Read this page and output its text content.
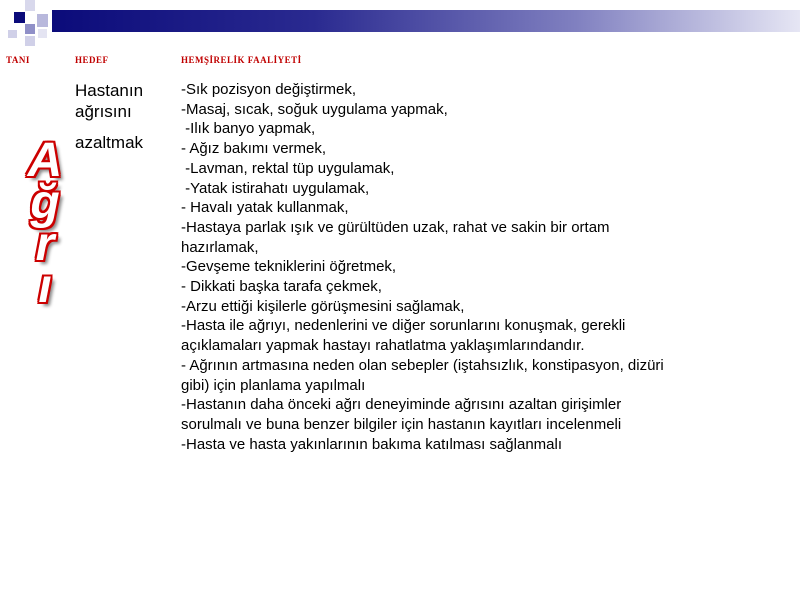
TANI	HEDEF	HEMŞİRELİK FAALİYETİ
A
ğ
r
ı
Hastanın
ağrısını
azaltmak
-Sık pozisyon değiştirmek,
-Masaj, sıcak, soğuk uygulama yapmak,
-Ilık banyo yapmak,
- Ağız bakımı vermek,
-Lavman, rektal tüp uygulamak,
-Yatak istirahatı uygulamak,
- Havalı yatak kullanmak,
-Hastaya parlak ışık ve gürültüden uzak, rahat ve sakin bir ortam
hazırlamak,
-Gevşeme tekniklerini öğretmek,
- Dikkati başka tarafa çekmek,
-Arzu ettiği kişilerle görüşmesini sağlamak,
-Hasta ile ağrıyı, nedenlerini ve diğer sorunlarını konuşmak, gerekli
açıklamaları yapmak hastayı rahatlatma yaklaşımlarındandır.
- Ağrının artmasına neden olan sebepler (iştahsızlık, konstipasyon, dizüri
gibi) için planlama yapılmalı
-Hastanın daha önceki ağrı deneyiminde ağrısını azaltan girişimler
sorulmalı ve buna benzer bilgiler için hastanın kayıtları incelenmeli
-Hasta ve hasta yakınlarının bakıma katılması sağlanmalı
